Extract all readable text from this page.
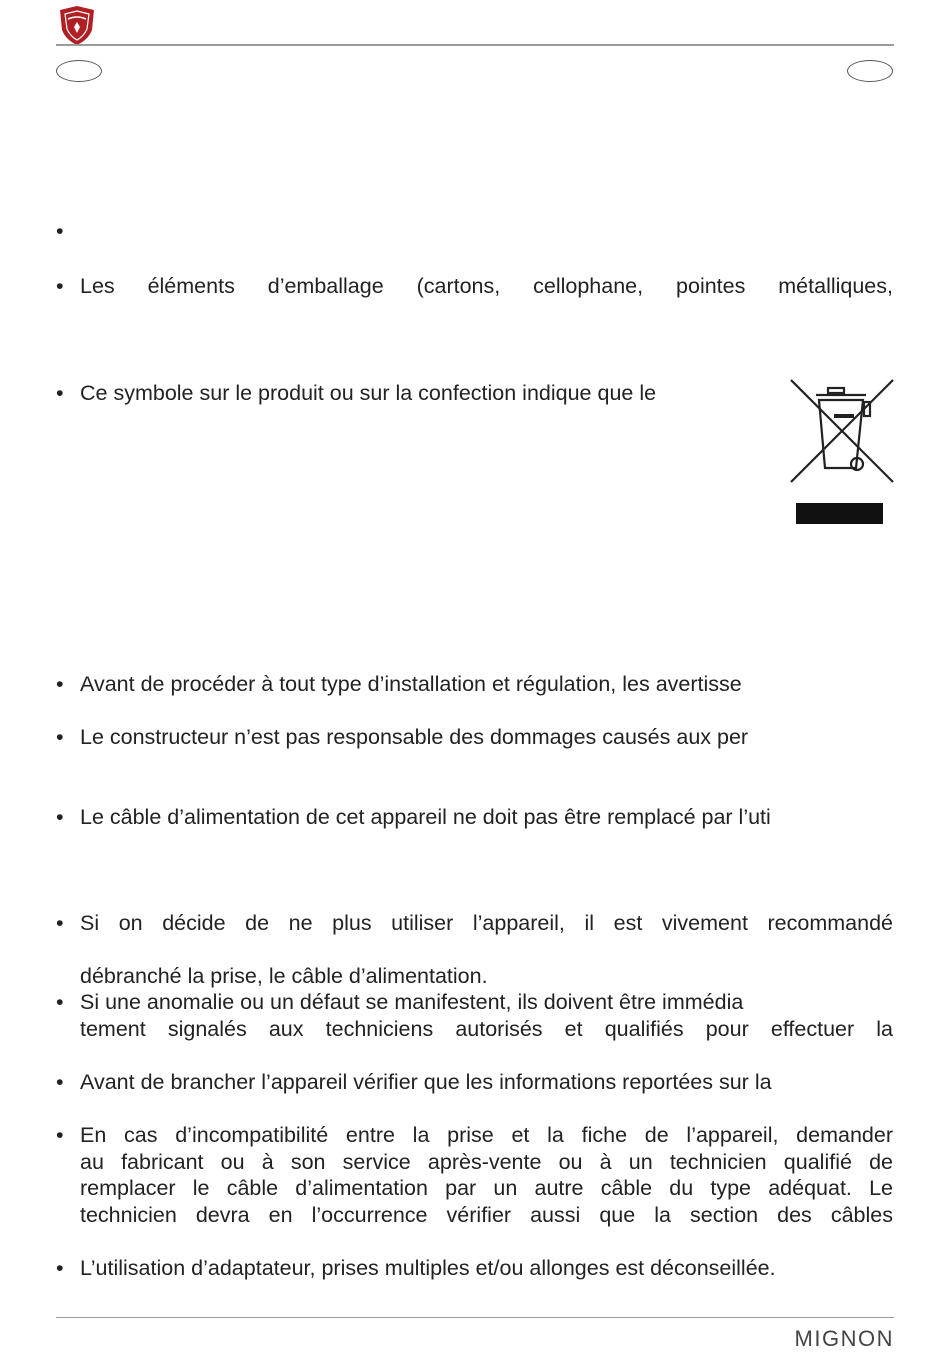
•
• Les éléments d’emballage (cartons, cellophane, pointes métalliques,
• Ce symbole sur le produit ou sur la confection indique que le
• Avant de procéder à tout type d’installation et régulation, les avertisse
• Le constructeur n’est pas responsable des dommages causés aux per
• Le câble d’alimentation de cet appareil ne doit pas être remplacé par l’uti
• Si on décide de ne plus utiliser l’appareil, il est vivement recommandé
débranché la prise, le câble d’alimentation.
• Si une anomalie ou un défaut se manifestent, ils doivent être immédia
tement signalés aux techniciens autorisés et qualifiés pour effectuer la
• Avant de brancher l’appareil vérifier que les informations reportées sur la
• En cas d’incompatibilité entre la prise et la fiche de l’appareil, demander
au fabricant ou à son service après-vente ou à un technicien qualifié de
remplacer le câble d’alimentation par un autre câble du type adéquat. Le
technicien devra en l’occurrence vérifier aussi que la section des câbles
• L’utilisation d’adaptateur, prises multiples et/ou allonges est déconseillée.
MIGNON
